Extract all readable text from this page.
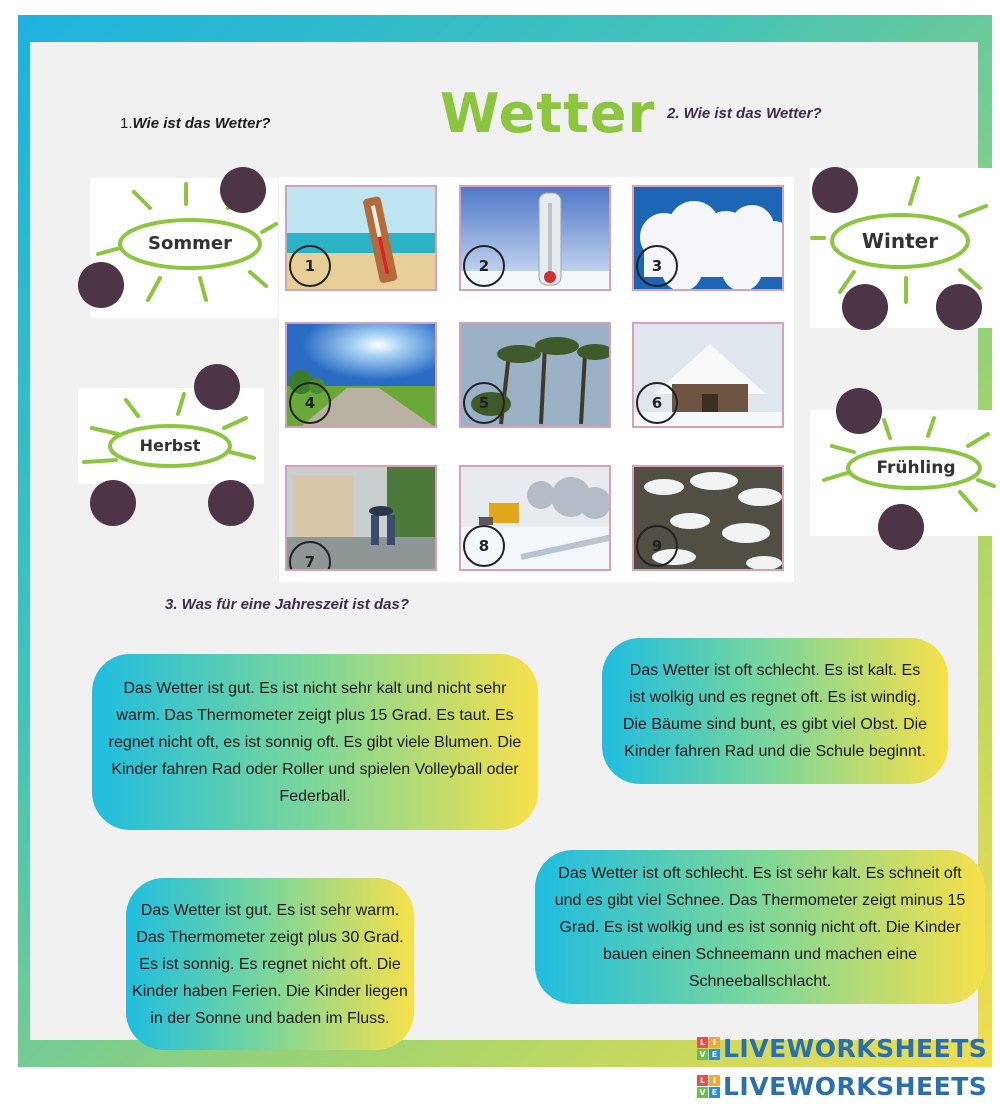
Wetter
1.Wie ist das Wetter?
2. Wie ist das Wetter?
Sommer	Winter
Herbst
Frühling
1	2	3
4	5	6
7
8	9
3. Was für eine Jahreszeit ist das?
Das Wetter ist gut. Es ist nicht sehr kalt und nicht sehr warm. Das Thermometer zeigt plus 15 Grad. Es taut. Es regnet nicht oft, es ist sonnig oft. Es gibt viele Blumen. Die Kinder fahren Rad oder Roller und spielen Volleyball oder Federball.
Das Wetter ist oft schlecht. Es ist kalt. Es ist wolkig und es regnet oft. Es ist windig. Die Bäume sind bunt, es gibt viel Obst. Die Kinder fahren Rad und die Schule beginnt.
Das Wetter ist gut. Es ist sehr warm. Das Thermometer zeigt plus 30 Grad. Es ist sonnig. Es regnet nicht oft. Die Kinder haben Ferien. Die Kinder liegen in der Sonne und baden im Fluss.
Das Wetter ist oft schlecht. Es ist sehr kalt. Es schneit oft und es gibt viel Schnee. Das Thermometer zeigt minus 15 Grad. Es ist wolkig und es ist sonnig nicht oft. Die Kinder bauen einen Schneemann und machen eine Schneeballschlacht.
L I
V E LIVEWORKSHEETS
L I
V E LIVEWORKSHEETS
